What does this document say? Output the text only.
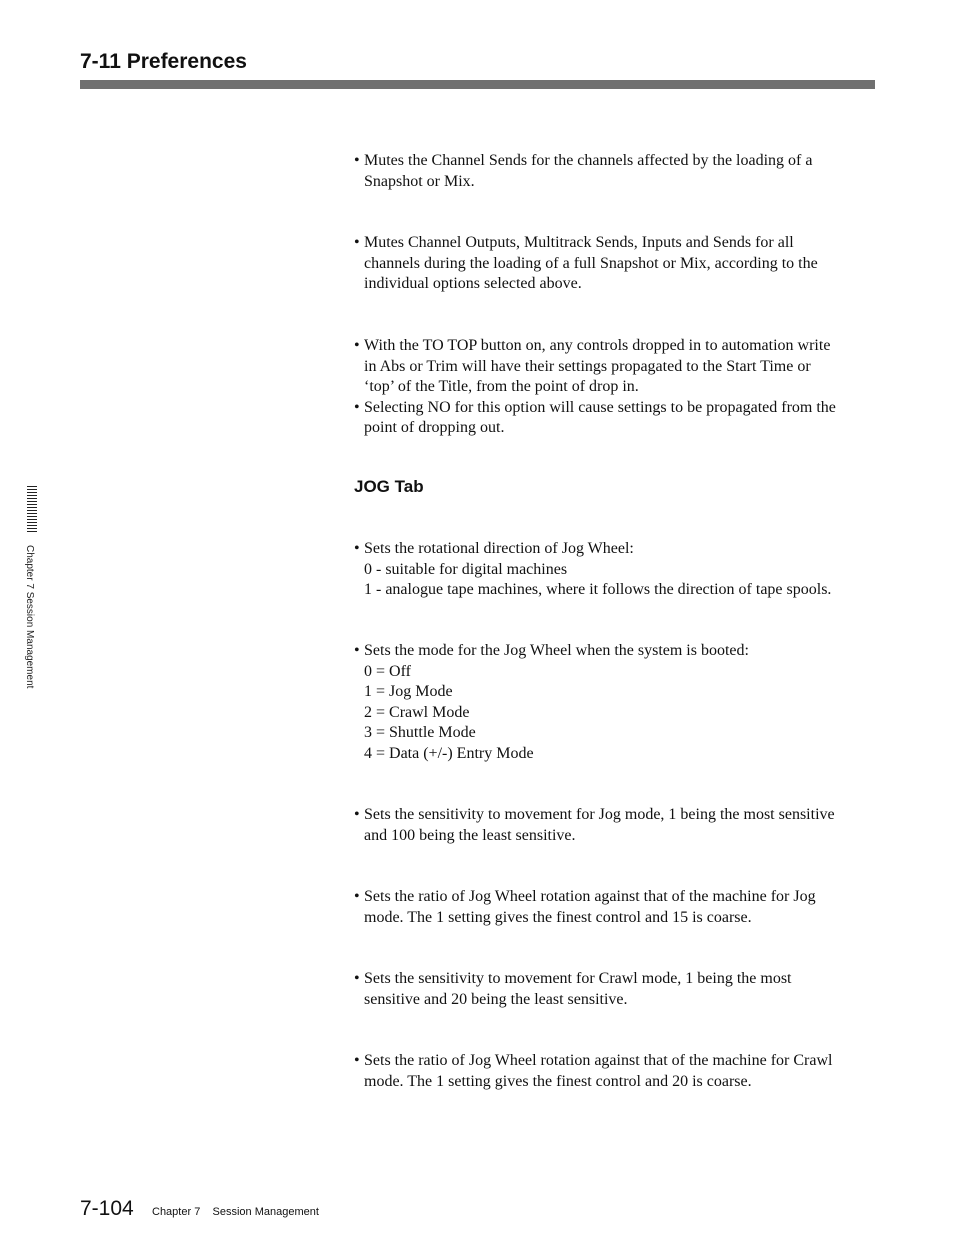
7-11 Preferences
Chapter 7 Session Management
• Mutes the Channel Sends for the channels affected by the loading of a
Snapshot or Mix.
• Mutes Channel Outputs, Multitrack Sends, Inputs and Sends for all
channels during the loading of a full Snapshot or Mix, according to the
individual options selected above.
• With the TO TOP button on, any controls dropped in to automation write
in Abs or Trim will have their settings propagated to the Start Time or
‘top’ of the Title, from the point of drop in.
• Selecting NO for this option will cause settings to be propagated from the
point of dropping out.
• Sets the rotational direction of Jog Wheel:
0 - suitable for digital machines
1 - analogue tape machines, where it follows the direction of tape spools.
• Sets the mode for the Jog Wheel when the system is booted:
0 = Off
1 = Jog Mode
2 = Crawl Mode
3 = Shuttle Mode
4 = Data (+/-) Entry Mode
• Sets the sensitivity to movement for Jog mode, 1 being the most sensitive
and 100 being the least sensitive.
• Sets the ratio of Jog Wheel rotation against that of the machine for Jog
mode. The 1 setting gives the finest control and 15 is coarse.
• Sets the sensitivity to movement for Crawl mode, 1 being the most
sensitive and 20 being the least sensitive.
• Sets the ratio of Jog Wheel rotation against that of the machine for Crawl
mode. The 1 setting gives the finest control and 20 is coarse.
JOG Tab
7-104 Chapter 7    Session Management
